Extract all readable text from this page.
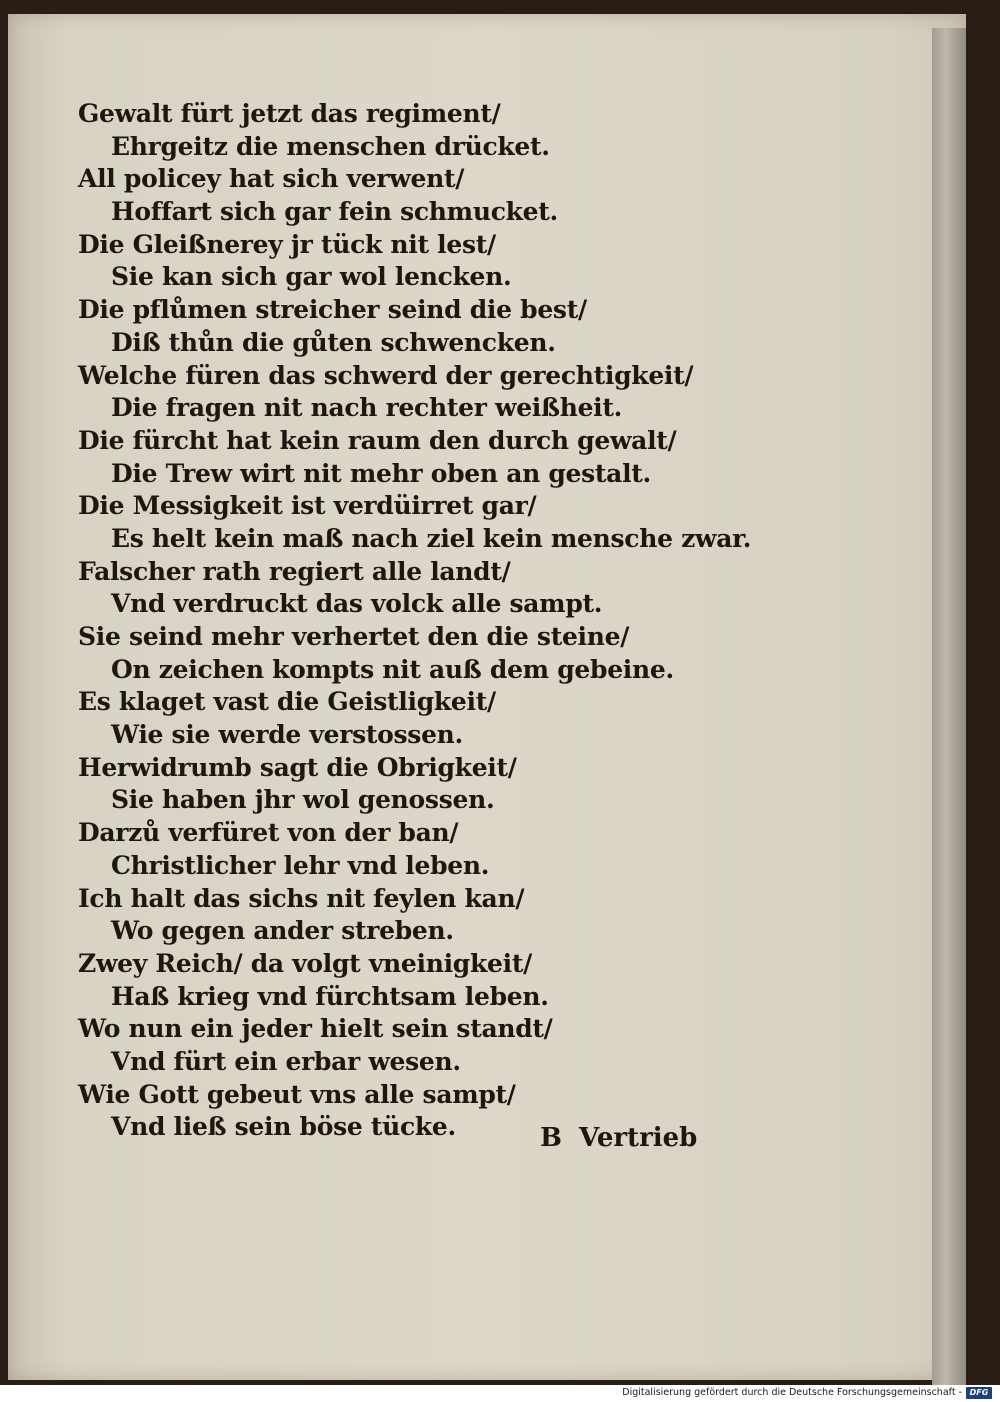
Gewalt fürt jetzt das regiment/
Ehrgeitz die menschen drücket.
All policey hat sich verwent/
Hoffart sich gar fein schmucket.
Die Gleißnerey jr tück nit lest/
Sie kan sich gar wol lencken.
Die pflůmen streicher seind die best/
Diß thůn die gůten schwencken.
Welche füren das schwerd der gerechtigkeit/
Die fragen nit nach rechter weißheit.
Die fürcht hat kein raum den durch gewalt/
Die Trew wirt nit mehr oben an gestalt.
Die Messigkeit ist verdüirret gar/
Es helt kein maß nach ziel kein mensche zwar.
Falscher rath regiert alle landt/
Vnd verdruckt das volck alle sampt.
Sie seind mehr verhertet den die steine/
On zeichen kompts nit auß dem gebeine.
Es klaget vast die Geistligkeit/
Wie sie werde verstossen.
Herwidrumb sagt die Obrigkeit/
Sie haben jhr wol genossen.
Darzů verfüret von der ban/
Christlicher lehr vnd leben.
Ich halt das sichs nit feylen kan/
Wo gegen ander streben.
Zwey Reich/ da volgt vneinigkeit/
Haß krieg vnd fürchtsam leben.
Wo nun ein jeder hielt sein standt/
Vnd fürt ein erbar wesen.
Wie Gott gebeut vns alle sampt/
Vnd ließ sein böse tücke.	B Vertrieb
Digitalisierung gefördert durch die Deutsche Forschungsgemeinschaft - DFG
